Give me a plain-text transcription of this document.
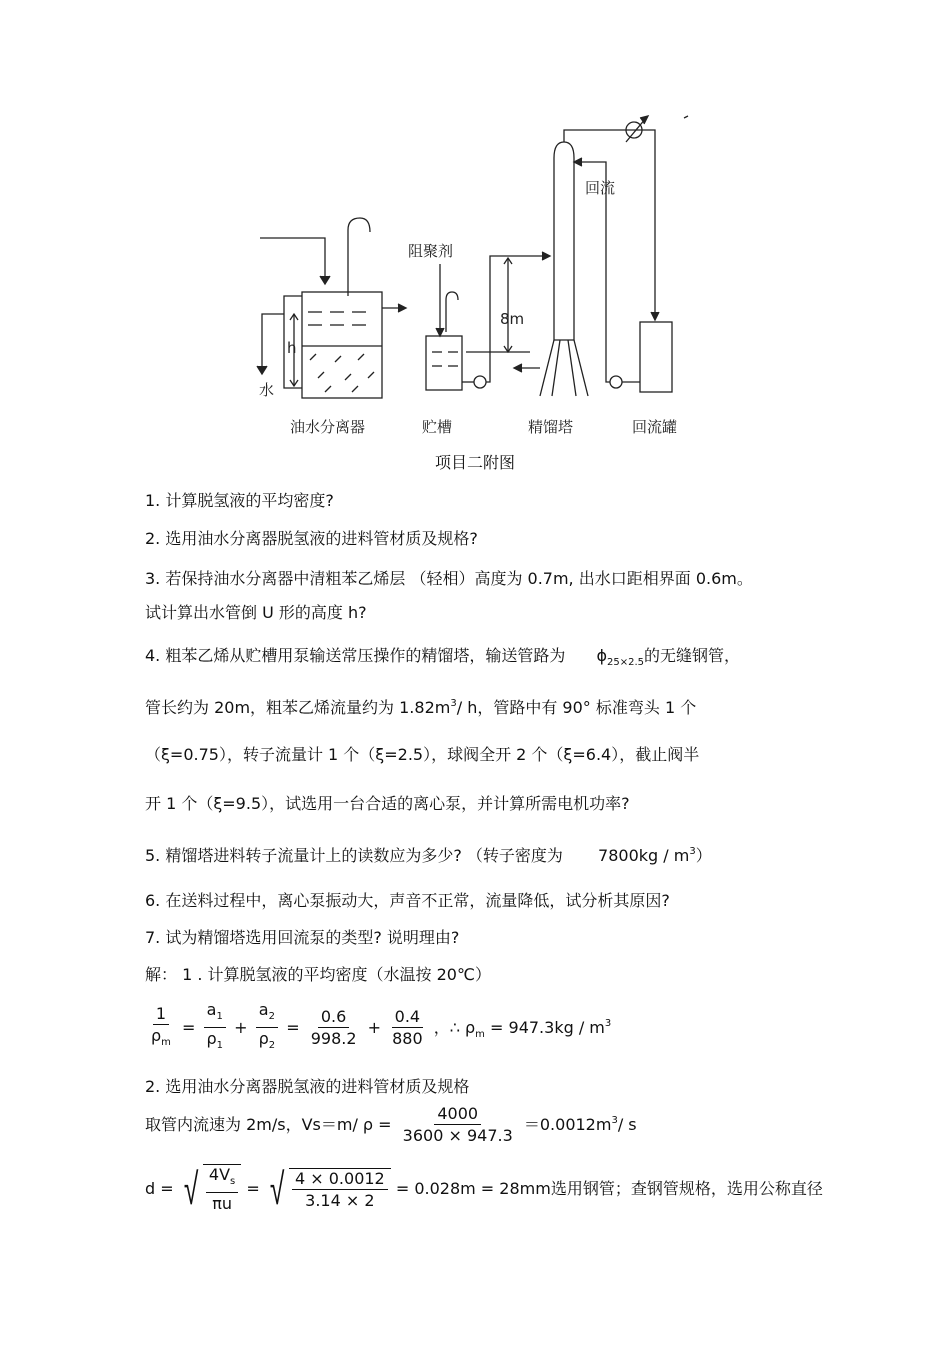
回流
阻聚剂
8m
h
水
油水分离器	贮槽	精馏塔	回流罐
项目二附图
1. 计算脱氢液的平均密度?
2. 选用油水分离器脱氢液的进料管材质及规格?
3. 若保持油水分离器中清粗苯乙烯层 （轻相）高度为 0.7m, 出水口距相界面 0.6m。
试计算出水管倒 U 形的高度 h?
4. 粗苯乙烯从贮槽用泵输送常压操作的精馏塔，输送管路为 $\phi_{25\times 2.5}$的无缝钢管，
管长约为 20m，粗苯乙烯流量约为 $1.82m^3/$ h，管路中有 90° 标准弯头 1 个
（ξ=0.75），转子流量计 1 个（ξ=2.5），球阀全开 2 个（ξ=6.4），截止阀半
开 1 个（ξ=9.5），试选用一台合适的离心泵，并计算所需电机功率?
5. 精馏塔进料转子流量计上的读数应为多少? （转子密度为 $7800kg / m^3$）
6. 在送料过程中，离心泵振动大，声音不正常，流量降低，试分析其原因?
7. 试为精馏塔选用回流泵的类型? 说明理由?
解： 1 . 计算脱氢液的平均密度（水温按 20℃）
$\frac{1}{\rho_m} = \frac{a_1}{\rho_1} + \frac{a_2}{\rho_2} = \frac{0.6}{998.2} + \frac{0.4}{880}$ ，∴ $\rho_m = 947.3kg / m^3$
2. 选用油水分离器脱氢液的进料管材质及规格
取管内流速为 2m/s，Vs＝m/ $\rho = \frac{4000}{3600 \times 947.3} =0.0012m^3/$ s
d = √ $\frac{4V_s}{\pi u}$ = √ $\frac{4 \times 0.0012}{3.14 \times 2} = 0.028m = 28mm$选用钢管；查钢管规格，选用公称直径
